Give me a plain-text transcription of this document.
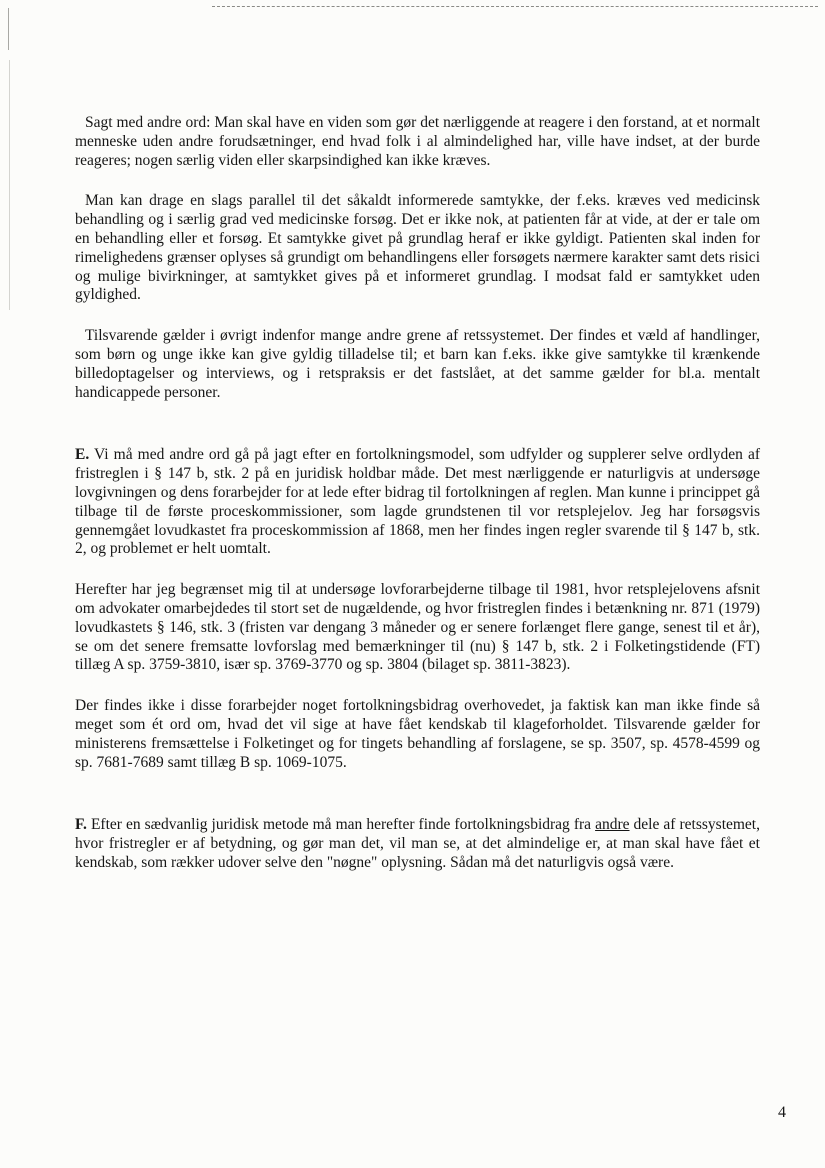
Sagt med andre ord: Man skal have en viden som gør det nærliggende at reagere i den forstand, at et normalt menneske uden andre forudsætninger, end hvad folk i al almindelighed har, ville have indset, at der burde reageres; nogen særlig viden eller skarpsindighed kan ikke kræves.

Man kan drage en slags parallel til det såkaldt informerede samtykke, der f.eks. kræves ved medicinsk behandling og i særlig grad ved medicinske forsøg. Det er ikke nok, at patienten får at vide, at der er tale om en behandling eller et forsøg. Et samtykke givet på grundlag heraf er ikke gyldigt. Patienten skal inden for rimelighedens grænser oplyses så grundigt om behandlingens eller forsøgets nærmere karakter samt dets risici og mulige bivirkninger, at samtykket gives på et informeret grundlag. I modsat fald er samtykket uden gyldighed.

Tilsvarende gælder i øvrigt indenfor mange andre grene af retssystemet. Der findes et væld af handlinger, som børn og unge ikke kan give gyldig tilladelse til; et barn kan f.eks. ikke give samtykke til krænkende billedoptagelser og interviews, og i retspraksis er det fastslået, at det samme gælder for bl.a. mentalt handicappede personer.

E. Vi må med andre ord gå på jagt efter en fortolkningsmodel, som udfylder og supplerer selve ordlyden af fristreglen i § 147 b, stk. 2 på en juridisk holdbar måde. Det mest nærliggende er naturligvis at undersøge lovgivningen og dens forarbejder for at lede efter bidrag til fortolkningen af reglen. Man kunne i princippet gå tilbage til de første proceskommissioner, som lagde grundstenen til vor retsplejelov. Jeg har forsøgsvis gennemgået lovudkastet fra proceskommission af 1868, men her findes ingen regler svarende til § 147 b, stk. 2, og problemet er helt uomtalt.

Herefter har jeg begrænset mig til at undersøge lovforarbejderne tilbage til 1981, hvor retsplejelovens afsnit om advokater omarbejdedes til stort set de nugældende, og hvor fristreglen findes i betænkning nr. 871 (1979) lovudkastets § 146, stk. 3 (fristen var dengang 3 måneder og er senere forlænget flere gange, senest til et år), se om det senere fremsatte lovforslag med bemærkninger til (nu) § 147 b, stk. 2 i Folketingstidende (FT) tillæg A sp. 3759-3810, især sp. 3769-3770 og sp. 3804 (bilaget sp. 3811-3823).

Der findes ikke i disse forarbejder noget fortolkningsbidrag overhovedet, ja faktisk kan man ikke finde så meget som ét ord om, hvad det vil sige at have fået kendskab til klageforholdet. Tilsvarende gælder for ministerens fremsættelse i Folketinget og for tingets behandling af forslagene, se sp. 3507, sp. 4578-4599 og sp. 7681-7689 samt tillæg B sp. 1069-1075.

F. Efter en sædvanlig juridisk metode må man herefter finde fortolkningsbidrag fra andre dele af retssystemet, hvor fristregler er af betydning, og gør man det, vil man se, at det almindelige er, at man skal have fået et kendskab, som rækker udover selve den "nøgne" oplysning. Sådan må det naturligvis også være.

4
